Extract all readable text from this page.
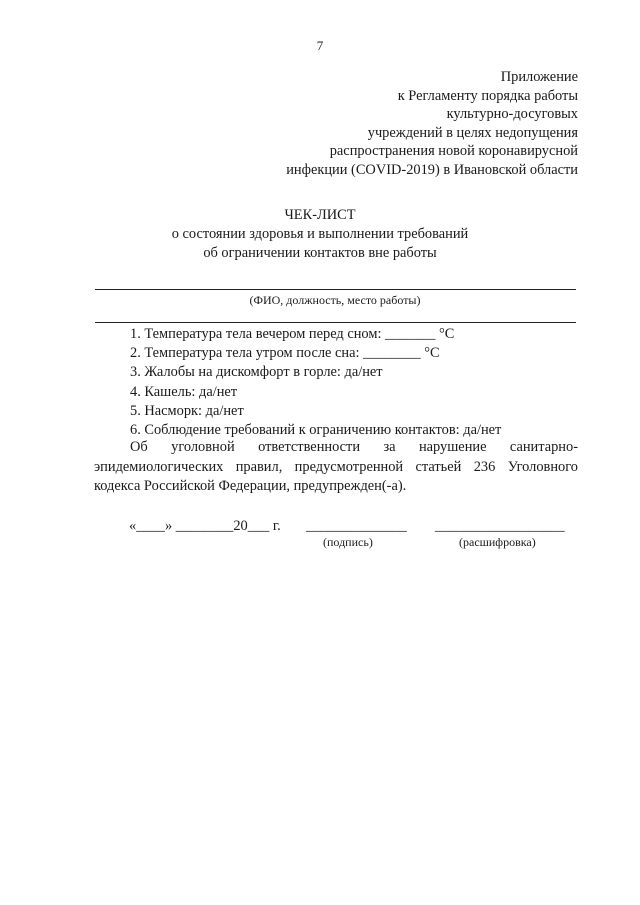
7
Приложение
к Регламенту порядка работы
культурно-досуговых
учреждений в целях недопущения
распространения новой коронавирусной
инфекции (COVID-2019) в Ивановской области
ЧЕК-ЛИСТ
о состоянии здоровья и выполнении требований
об ограничении контактов вне работы
(ФИО, должность, место работы)
1. Температура тела вечером перед сном: _______ °С
2. Температура тела утром после сна: ________ °С
3. Жалобы на дискомфорт в горле: да/нет
4. Кашель: да/нет
5. Насморк: да/нет
6. Соблюдение требований к ограничению контактов: да/нет

Об уголовной ответственности за нарушение санитарно-

эпидемиологических правил, предусмотренной статьей 236 Уголовного

кодекса Российской Федерации, предупрежден(-а).

«____» ________20___ г. ______________ __________________
(подпись)	(расшифровка)
